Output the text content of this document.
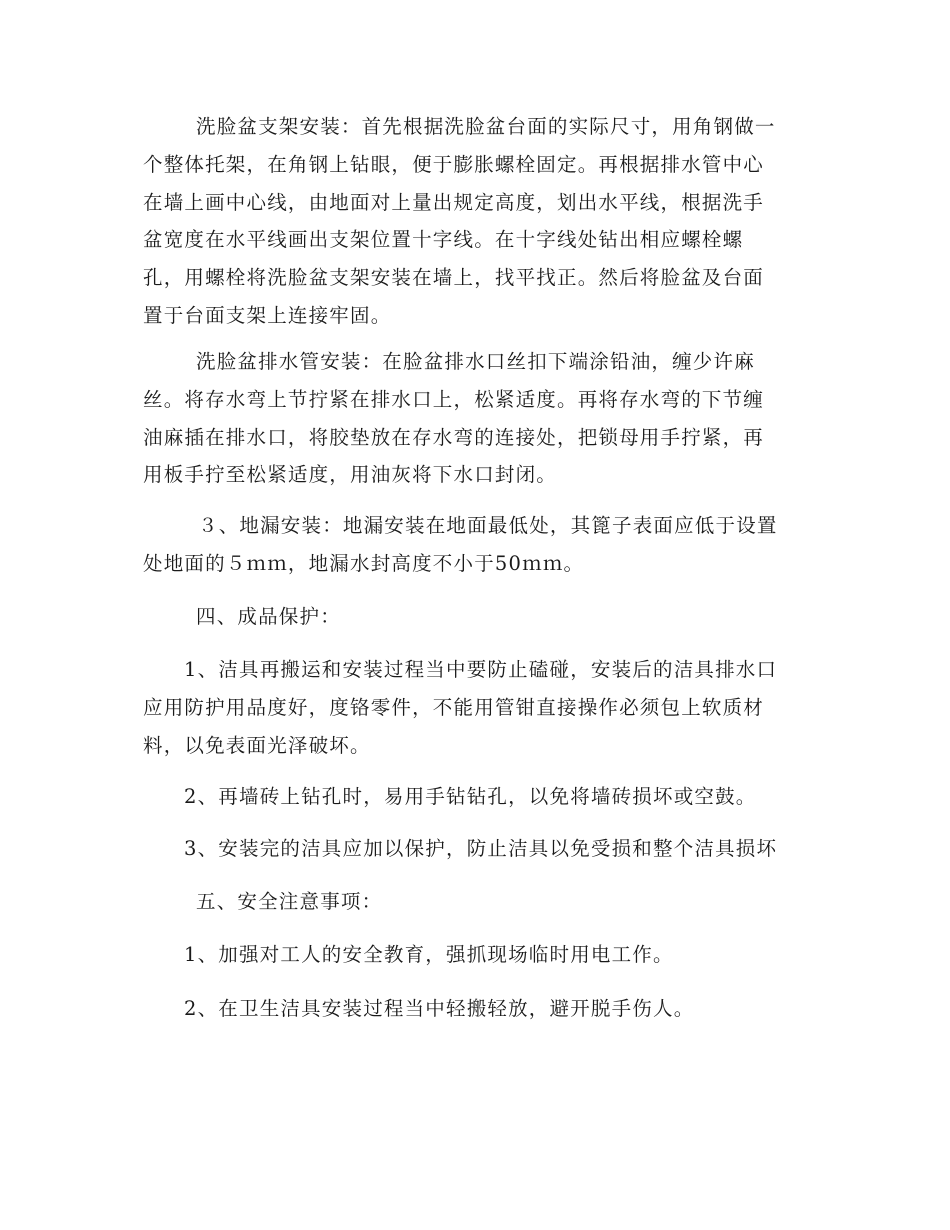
洗脸盆支架安装：首先根据洗脸盆台面的实际尺寸，用角钢做一
个整体托架，在角钢上钻眼，便于膨胀螺栓固定。再根据排水管中心
在墙上画中心线，由地面对上量出规定高度，划出水平线，根据洗手
盆宽度在水平线画出支架位置十字线。在十字线处钻出相应螺栓螺
孔，用螺栓将洗脸盆支架安装在墙上，找平找正。然后将脸盆及台面
置于台面支架上连接牢固。
洗脸盆排水管安装：在脸盆排水口丝扣下端涂铅油，缠少许麻
丝。将存水弯上节拧紧在排水口上，松紧适度。再将存水弯的下节缠
油麻插在排水口，将胶垫放在存水弯的连接处，把锁母用手拧紧，再
用板手拧至松紧适度，用油灰将下水口封闭。
３、地漏安装：地漏安装在地面最低处，其篦子表面应低于设置
处地面的５ｍｍ，地漏水封高度不小于50ｍｍ。
四、成品保护：
1、洁具再搬运和安装过程当中要防止磕碰，安装后的洁具排水口
应用防护用品度好，度铬零件，不能用管钳直接操作必须包上软质材
料，以免表面光泽破坏。
2、再墙砖上钻孔时，易用手钻钻孔，以免将墙砖损坏或空鼓。
3、安装完的洁具应加以保护，防止洁具以免受损和整个洁具损坏
五、安全注意事项：
1、加强对工人的安全教育，强抓现场临时用电工作。
2、在卫生洁具安装过程当中轻搬轻放，避开脱手伤人。
